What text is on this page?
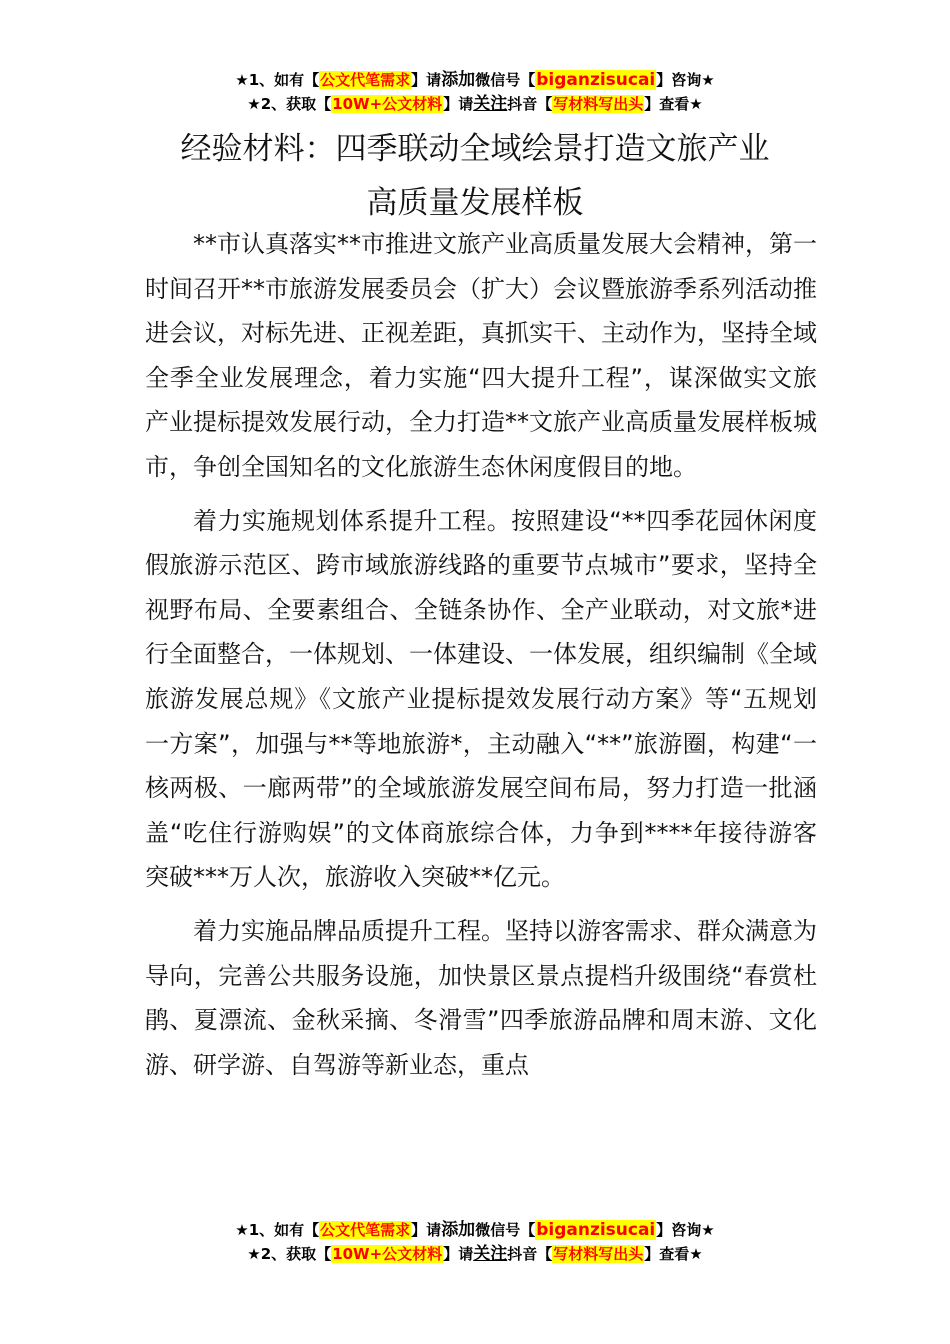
★1、如有【公文代笔需求】请添加微信号【biganzisucai】咨询★
★2、获取【10W+公文材料】请关注抖音【写材料写出头】查看★
经验材料：四季联动全域绘景打造文旅产业
高质量发展样板

**市认真落实**市推进文旅产业高质量发展大会精神，第一时间召开**市旅游发展委员会（扩大）会议暨旅游季系列活动推进会议，对标先进、正视差距，真抓实干、主动作为，坚持全域全季全业发展理念，着力实施“四大提升工程”，谋深做实文旅产业提标提效发展行动，全力打造**文旅产业高质量发展样板城市，争创全国知名的文化旅游生态休闲度假目的地。

着力实施规划体系提升工程。按照建设“**四季花园休闲度假旅游示范区、跨市域旅游线路的重要节点城市”要求，坚持全视野布局、全要素组合、全链条协作、全产业联动，对文旅*进行全面整合，一体规划、一体建设、一体发展，组织编制《全域旅游发展总规》《文旅产业提标提效发展行动方案》等“五规划一方案”，加强与**等地旅游*，主动融入“**”旅游圈，构建“一核两极、一廊两带”的全域旅游发展空间布局，努力打造一批涵盖“吃住行游购娱”的文体商旅综合体，力争到****年接待游客突破***万人次，旅游收入突破**亿元。

着力实施品牌品质提升工程。坚持以游客需求、群众满意为导向，完善公共服务设施，加快景区景点提档升级围绕“春赏杜鹃、夏漂流、金秋采摘、冬滑雪”四季旅游品牌和周末游、文化游、研学游、自驾游等新业态，重点

★1、如有【公文代笔需求】请添加微信号【biganzisucai】咨询★
★2、获取【10W+公文材料】请关注抖音【写材料写出头】查看★
